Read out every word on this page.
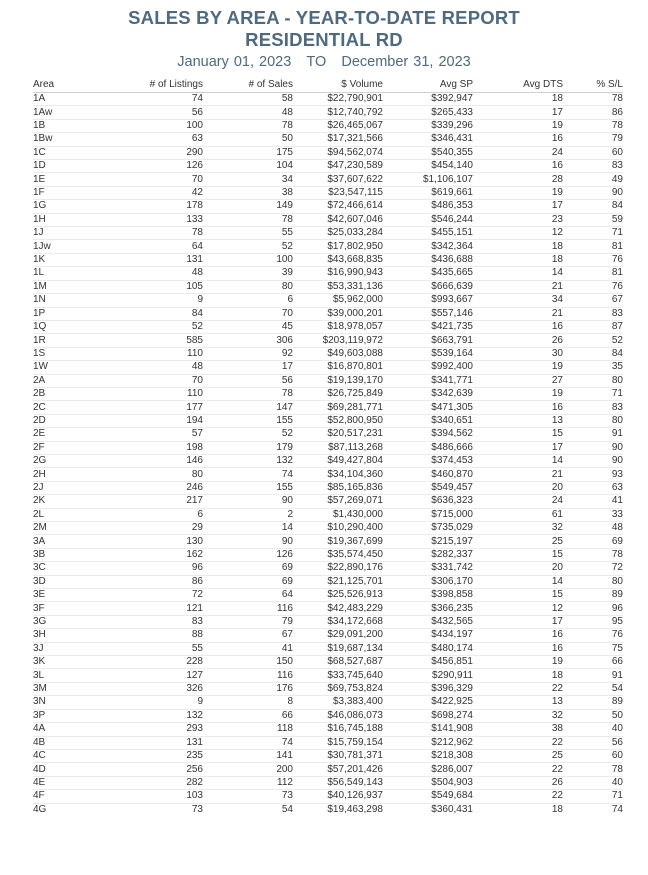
SALES BY AREA - YEAR-TO-DATE REPORT
RESIDENTIAL RD
January 01, 2023 TO December 31, 2023
Area	# of Listings	# of Sales	$ Volume	Avg SP	Avg DTS	% S/L
1A	74	58	$22,790,901	$392,947	18	78
1Aw	56	48	$12,740,792	$265,433	17	86
1B	100	78	$26,465,067	$339,296	19	78
1Bw	63	50	$17,321,566	$346,431	16	79
1C	290	175	$94,562,074	$540,355	24	60
1D	126	104	$47,230,589	$454,140	16	83
1E	70	34	$37,607,622	$1,106,107	28	49
1F	42	38	$23,547,115	$619,661	19	90
1G	178	149	$72,466,614	$486,353	17	84
1H	133	78	$42,607,046	$546,244	23	59
1J	78	55	$25,033,284	$455,151	12	71
1Jw	64	52	$17,802,950	$342,364	18	81
1K	131	100	$43,668,835	$436,688	18	76
1L	48	39	$16,990,943	$435,665	14	81
1M	105	80	$53,331,136	$666,639	21	76
1N	9	6	$5,962,000	$993,667	34	67
1P	84	70	$39,000,201	$557,146	21	83
1Q	52	45	$18,978,057	$421,735	16	87
1R	585	306	$203,119,972	$663,791	26	52
1S	110	92	$49,603,088	$539,164	30	84
1W	48	17	$16,870,801	$992,400	19	35
2A	70	56	$19,139,170	$341,771	27	80
2B	110	78	$26,725,849	$342,639	19	71
2C	177	147	$69,281,771	$471,305	16	83
2D	194	155	$52,800,950	$340,651	13	80
2E	57	52	$20,517,231	$394,562	15	91
2F	198	179	$87,113,268	$486,666	17	90
2G	146	132	$49,427,804	$374,453	14	90
2H	80	74	$34,104,360	$460,870	21	93
2J	246	155	$85,165,836	$549,457	20	63
2K	217	90	$57,269,071	$636,323	24	41
2L	6	2	$1,430,000	$715,000	61	33
2M	29	14	$10,290,400	$735,029	32	48
3A	130	90	$19,367,699	$215,197	25	69
3B	162	126	$35,574,450	$282,337	15	78
3C	96	69	$22,890,176	$331,742	20	72
3D	86	69	$21,125,701	$306,170	14	80
3E	72	64	$25,526,913	$398,858	15	89
3F	121	116	$42,483,229	$366,235	12	96
3G	83	79	$34,172,668	$432,565	17	95
3H	88	67	$29,091,200	$434,197	16	76
3J	55	41	$19,687,134	$480,174	16	75
3K	228	150	$68,527,687	$456,851	19	66
3L	127	116	$33,745,640	$290,911	18	91
3M	326	176	$69,753,824	$396,329	22	54
3N	9	8	$3,383,400	$422,925	13	89
3P	132	66	$46,086,073	$698,274	32	50
4A	293	118	$16,745,188	$141,908	38	40
4B	131	74	$15,759,154	$212,962	22	56
4C	235	141	$30,781,371	$218,308	25	60
4D	256	200	$57,201,426	$286,007	22	78
4E	282	112	$56,549,143	$504,903	26	40
4F	103	73	$40,126,937	$549,684	22	71
4G	73	54	$19,463,298	$360,431	18	74
